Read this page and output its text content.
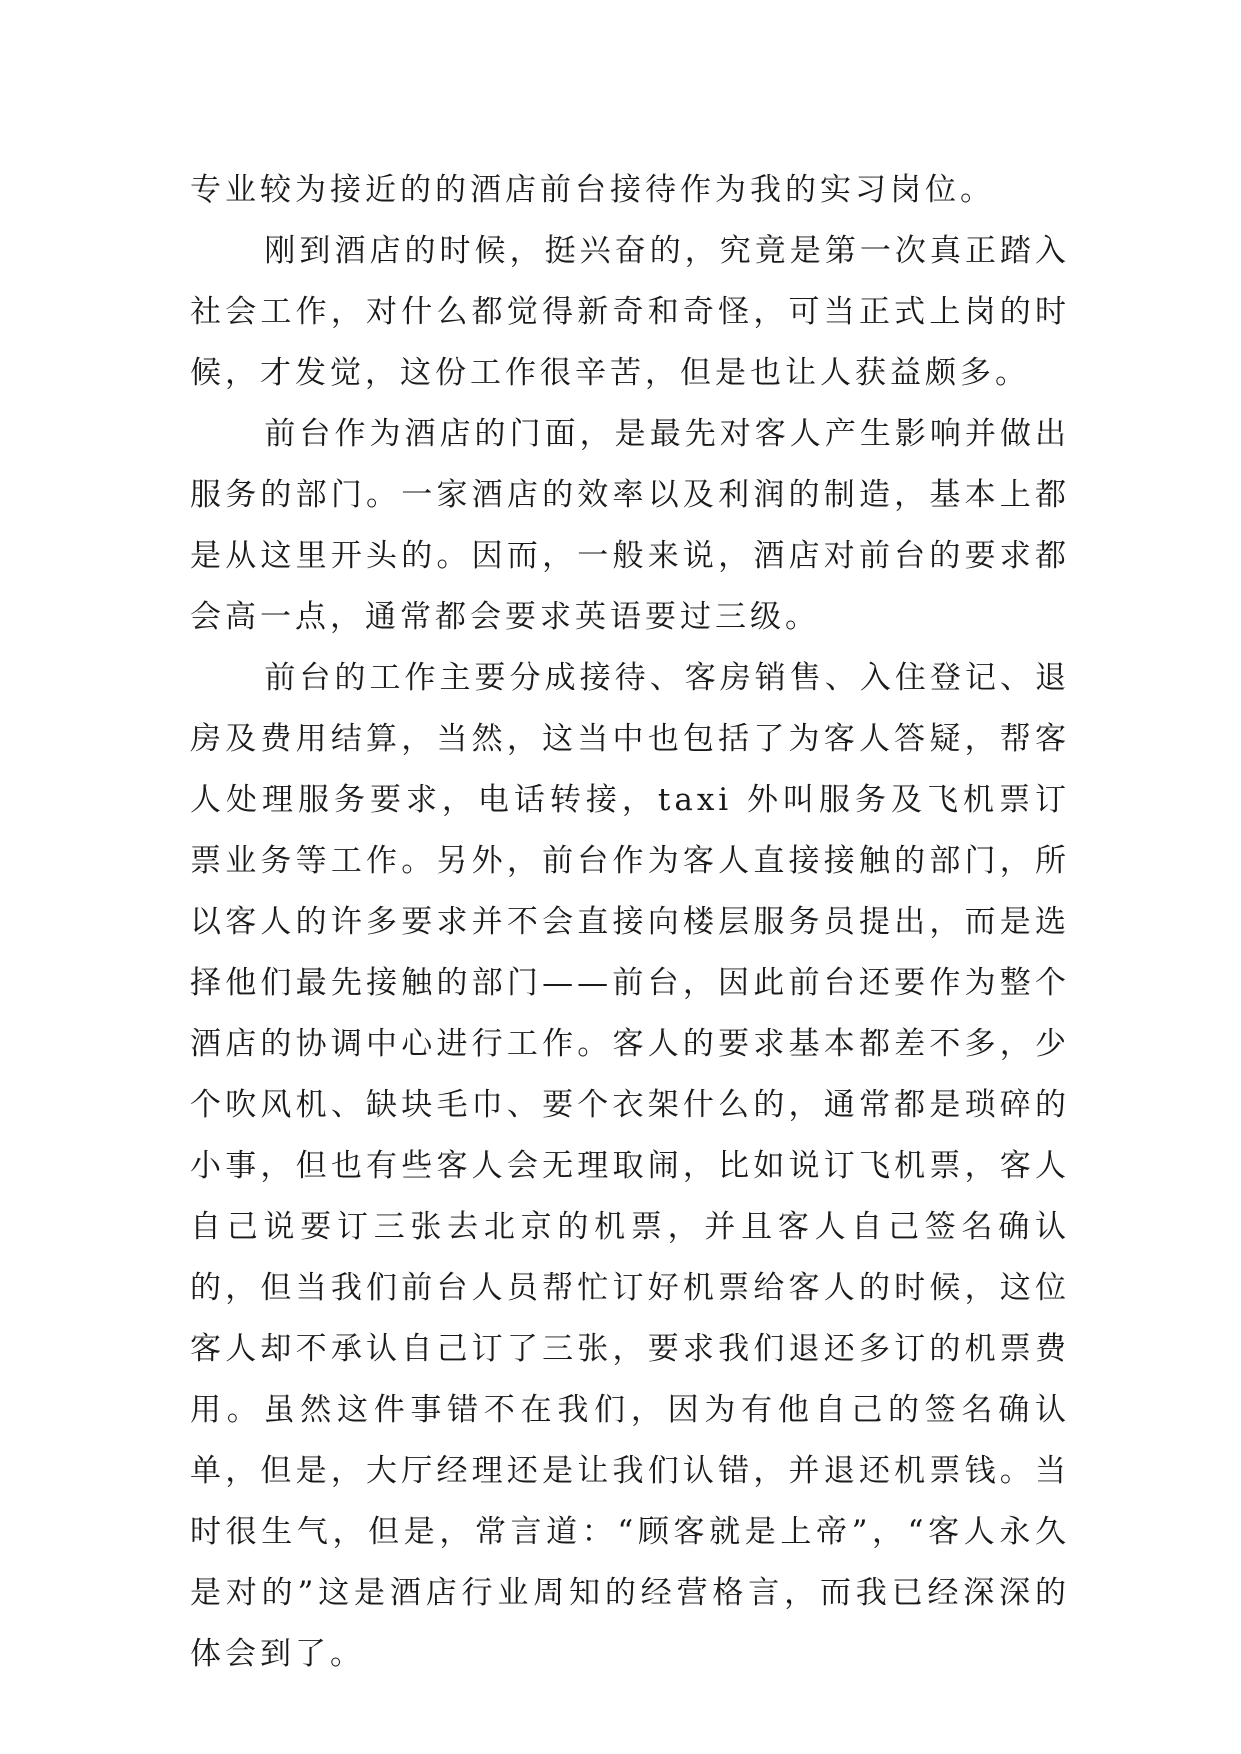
专业较为接近的的酒店前台接待作为我的实习岗位。

刚到酒店的时候，挺兴奋的，究竟是第一次真正踏入社会工作，对什么都觉得新奇和奇怪，可当正式上岗的时候，才发觉，这份工作很辛苦，但是也让人获益颇多。

前台作为酒店的门面，是最先对客人产生影响并做出服务的部门。一家酒店的效率以及利润的制造，基本上都是从这里开头的。因而，一般来说，酒店对前台的要求都会高一点，通常都会要求英语要过三级。

前台的工作主要分成接待、客房销售、入住登记、退房及费用结算，当然，这当中也包括了为客人答疑，帮客人处理服务要求，电话转接，taxi 外叫服务及飞机票订票业务等工作。另外，前台作为客人直接接触的部门，所以客人的许多要求并不会直接向楼层服务员提出，而是选择他们最先接触的部门——前台，因此前台还要作为整个酒店的协调中心进行工作。客人的要求基本都差不多，少个吹风机、缺块毛巾、要个衣架什么的，通常都是琐碎的小事，但也有些客人会无理取闹，比如说订飞机票，客人自己说要订三张去北京的机票，并且客人自己签名确认的，但当我们前台人员帮忙订好机票给客人的时候，这位客人却不承认自己订了三张，要求我们退还多订的机票费用。虽然这件事错不在我们，因为有他自己的签名确认单，但是，大厅经理还是让我们认错，并退还机票钱。当时很生气，但是，常言道：“顾客就是上帝”，“客人永久是对的”这是酒店行业周知的经营格言，而我已经深深的体会到了。
